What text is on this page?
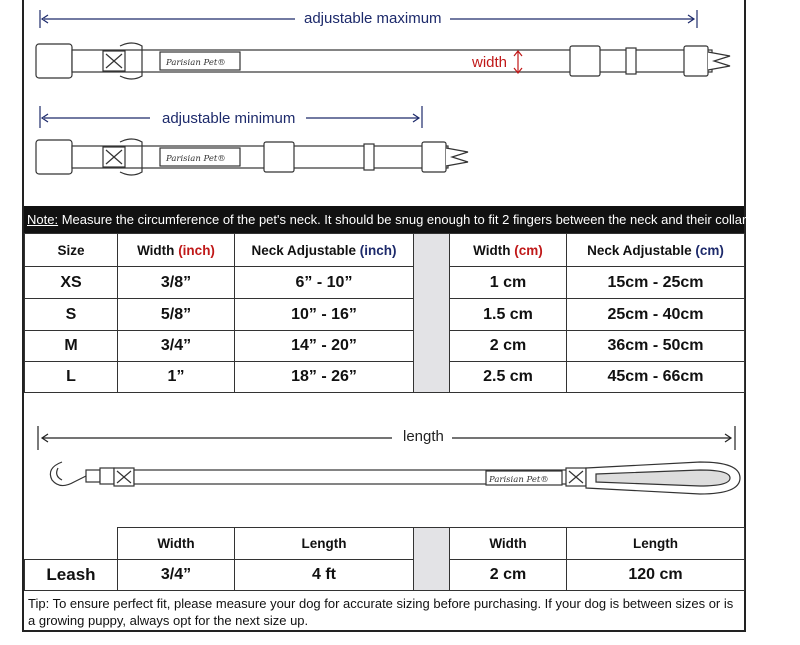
Parisian Pet®
Parisian Pet®
adjustable maximum
width
adjustable minimum
Note: Measure the circumference of the pet's neck. It should be snug enough to fit 2 fingers between the neck and their collar.
Size	Width (inch)	Neck Adjustable (inch)		Width (cm)	Neck Adjustable (cm)
XS	3/8”	6” - 10”		1 cm	15cm - 25cm
S	5/8”	10” - 16”		1.5 cm	25cm - 40cm
M	3/4”	14” - 20”		2 cm	36cm - 50cm
L	1”	18” - 26”		2.5 cm	45cm - 66cm
Parisian Pet®
length
	Width	Length		Width	Length
Leash	3/4”	4 ft		2 cm	120 cm
Tip: To ensure perfect fit, please measure your dog for accurate sizing before purchasing. If your dog is between sizes or is a growing puppy, always opt for the next size up.
